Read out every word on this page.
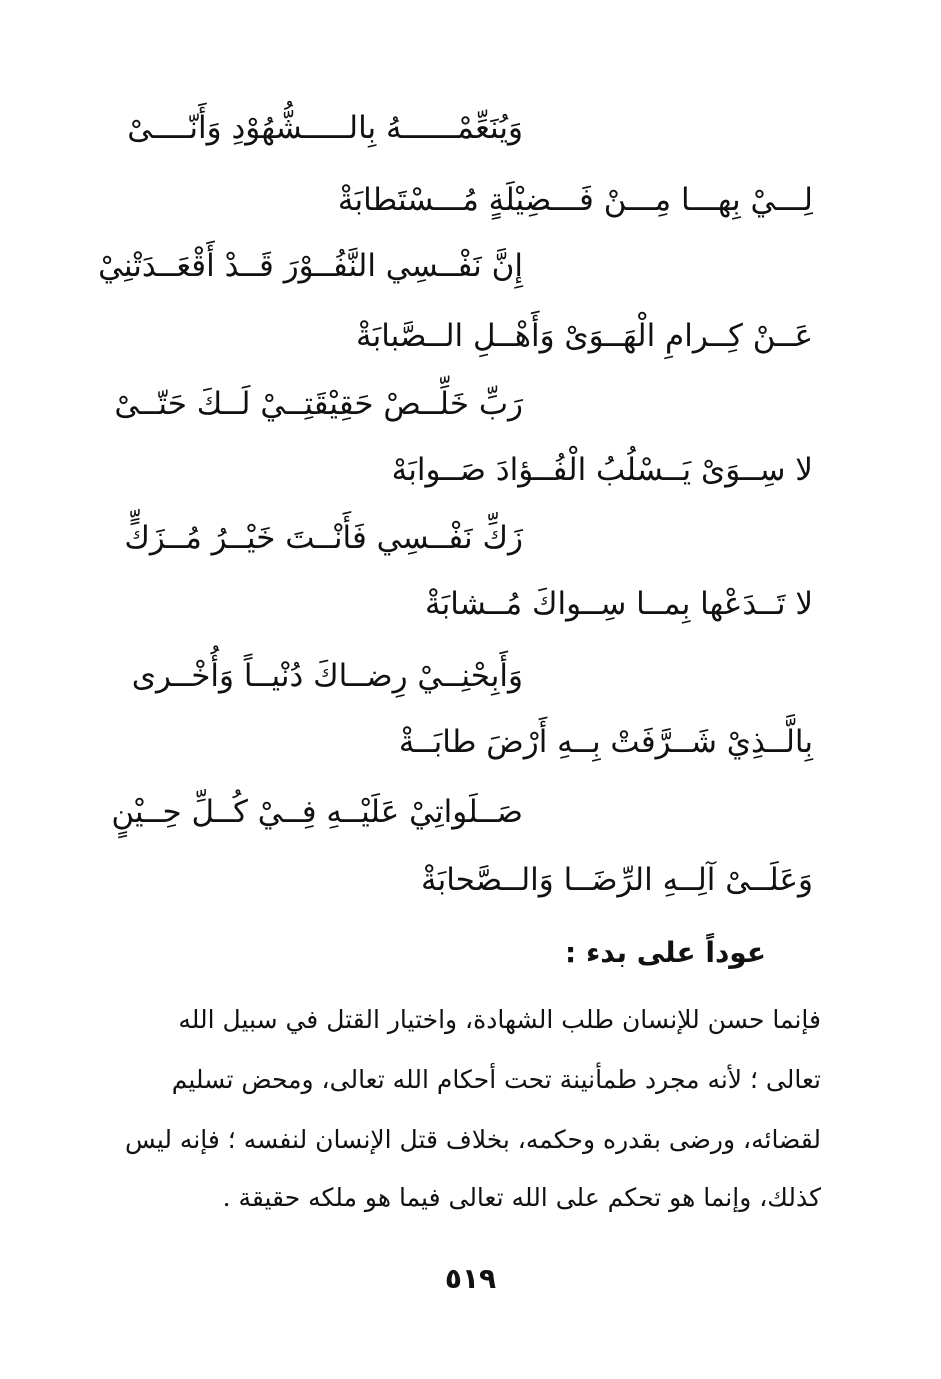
وَيُنَعِّمْــــــهُ بِالـــــشُّهُوْدِ وَأَنّــــىْ
لِـــيْ بِهـــا مِـــنْ فَـــضِيْلَةٍ مُـــسْتَطابَةْ
إِنَّ نَفْــسِي النَّفُــوْرَ قَــدْ أَقْعَــدَتْنِيْ
عَــنْ كِــرامِ الْهَــوَىْ وَأَهْــلِ الــصَّبابَةْ
رَبِّ خَلِّــصْ حَقِيْقَتِــيْ لَــكَ حَتّــىْ
لا سِــوَىْ يَــسْلُبُ الْفُــؤادَ صَــوابَهْ
زَكِّ نَفْــسِي فَأَنْــتَ خَيْــرُ مُــزَكٍّ
لا تَــدَعْها بِمــا سِــواكَ مُــشابَةْ
وَأَبِحْنِــيْ رِضــاكَ دُنْيــاً وَأُخْــرى
بِالَّــذِيْ شَــرَّفَتْ بِــهِ أَرْضَ طابَــةْ
صَــلَواتِيْ عَلَيْــهِ فِــيْ كُــلِّ حِــيْنٍ
وَعَلَــىْ آلِــهِ الرِّضَــا وَالــصَّحابَةْ
عوداً على بدء :
فإنما حسن للإنسان طلب الشهادة، واختيار القتل في سبيل الله
تعالى ؛ لأنه مجرد طمأنينة تحت أحكام الله تعالى، ومحض تسليم
لقضائه، ورضى بقدره وحكمه، بخلاف قتل الإنسان لنفسه ؛ فإنه ليس
كذلك، وإنما هو تحكم على الله تعالى فيما هو ملكه حقيقة .
٥١٩
